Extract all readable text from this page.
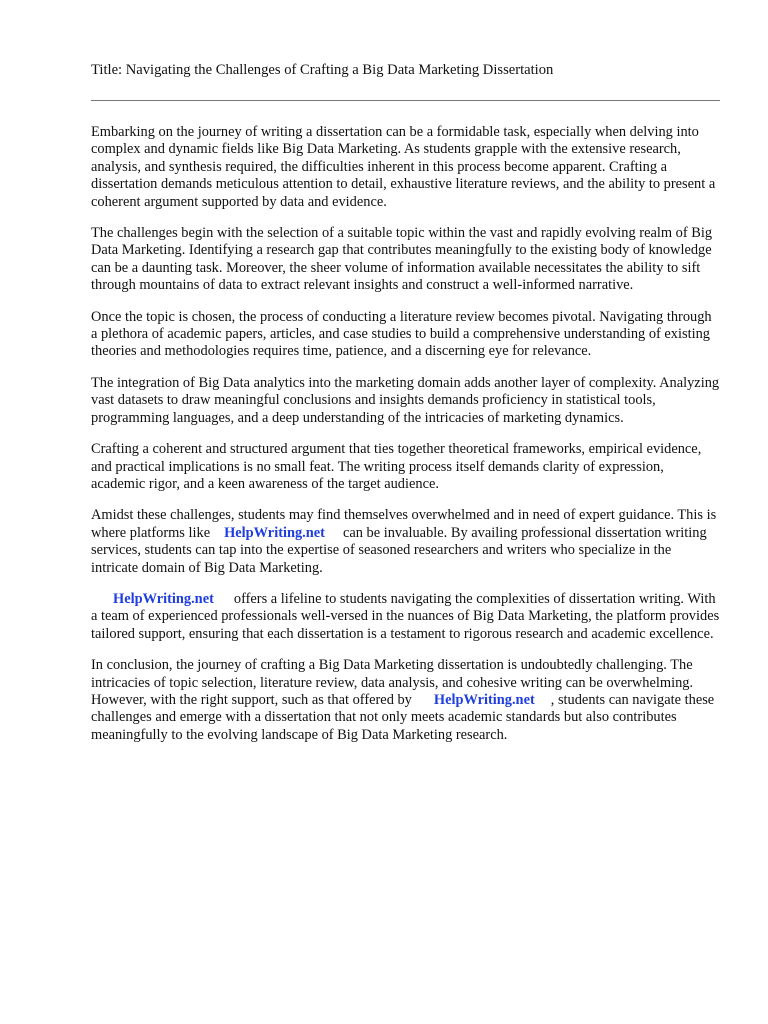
Title: Navigating the Challenges of Crafting a Big Data Marketing Dissertation

Embarking on the journey of writing a dissertation can be a formidable task, especially when delving into complex and dynamic fields like Big Data Marketing. As students grapple with the extensive research, analysis, and synthesis required, the difficulties inherent in this process become apparent. Crafting a dissertation demands meticulous attention to detail, exhaustive literature reviews, and the ability to present a coherent argument supported by data and evidence.

The challenges begin with the selection of a suitable topic within the vast and rapidly evolving realm of Big Data Marketing. Identifying a research gap that contributes meaningfully to the existing body of knowledge can be a daunting task. Moreover, the sheer volume of information available necessitates the ability to sift through mountains of data to extract relevant insights and construct a well-informed narrative.

Once the topic is chosen, the process of conducting a literature review becomes pivotal. Navigating through a plethora of academic papers, articles, and case studies to build a comprehensive understanding of existing theories and methodologies requires time, patience, and a discerning eye for relevance.

The integration of Big Data analytics into the marketing domain adds another layer of complexity. Analyzing vast datasets to draw meaningful conclusions and insights demands proficiency in statistical tools, programming languages, and a deep understanding of the intricacies of marketing dynamics.

Crafting a coherent and structured argument that ties together theoretical frameworks, empirical evidence, and practical implications is no small feat. The writing process itself demands clarity of expression, academic rigor, and a keen awareness of the target audience.

Amidst these challenges, students may find themselves overwhelmed and in need of expert guidance. This is where platforms like HelpWriting.net can be invaluable. By availing professional dissertation writing services, students can tap into the expertise of seasoned researchers and writers who specialize in the intricate domain of Big Data Marketing.

HelpWriting.net offers a lifeline to students navigating the complexities of dissertation writing. With a team of experienced professionals well-versed in the nuances of Big Data Marketing, the platform provides tailored support, ensuring that each dissertation is a testament to rigorous research and academic excellence.

In conclusion, the journey of crafting a Big Data Marketing dissertation is undoubtedly challenging. The intricacies of topic selection, literature review, data analysis, and cohesive writing can be overwhelming. However, with the right support, such as that offered by HelpWriting.net , students can navigate these challenges and emerge with a dissertation that not only meets academic standards but also contributes meaningfully to the evolving landscape of Big Data Marketing research.
